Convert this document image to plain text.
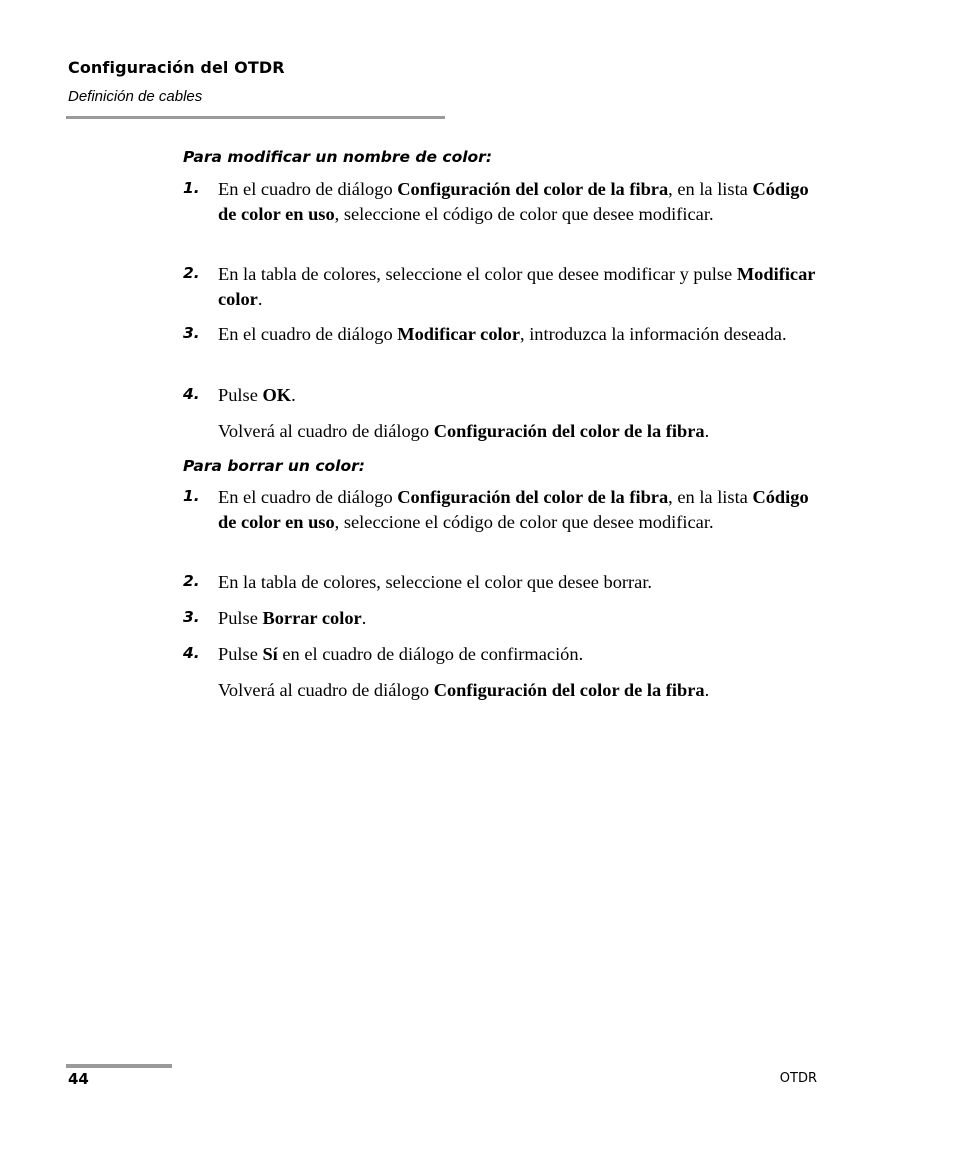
Configuración del OTDR
Definición de cables
Para modificar un nombre de color:
1. En el cuadro de diálogo Configuración del color de la fibra, en la lista Código de color en uso, seleccione el código de color que desee modificar.
2. En la tabla de colores, seleccione el color que desee modificar y pulse Modificar color.
3. En el cuadro de diálogo Modificar color, introduzca la información deseada.
4. Pulse OK.
Volverá al cuadro de diálogo Configuración del color de la fibra.
Para borrar un color:
1. En el cuadro de diálogo Configuración del color de la fibra, en la lista Código de color en uso, seleccione el código de color que desee modificar.
2. En la tabla de colores, seleccione el color que desee borrar.
3. Pulse Borrar color.
4. Pulse Sí en el cuadro de diálogo de confirmación.
Volverá al cuadro de diálogo Configuración del color de la fibra.
44	OTDR
